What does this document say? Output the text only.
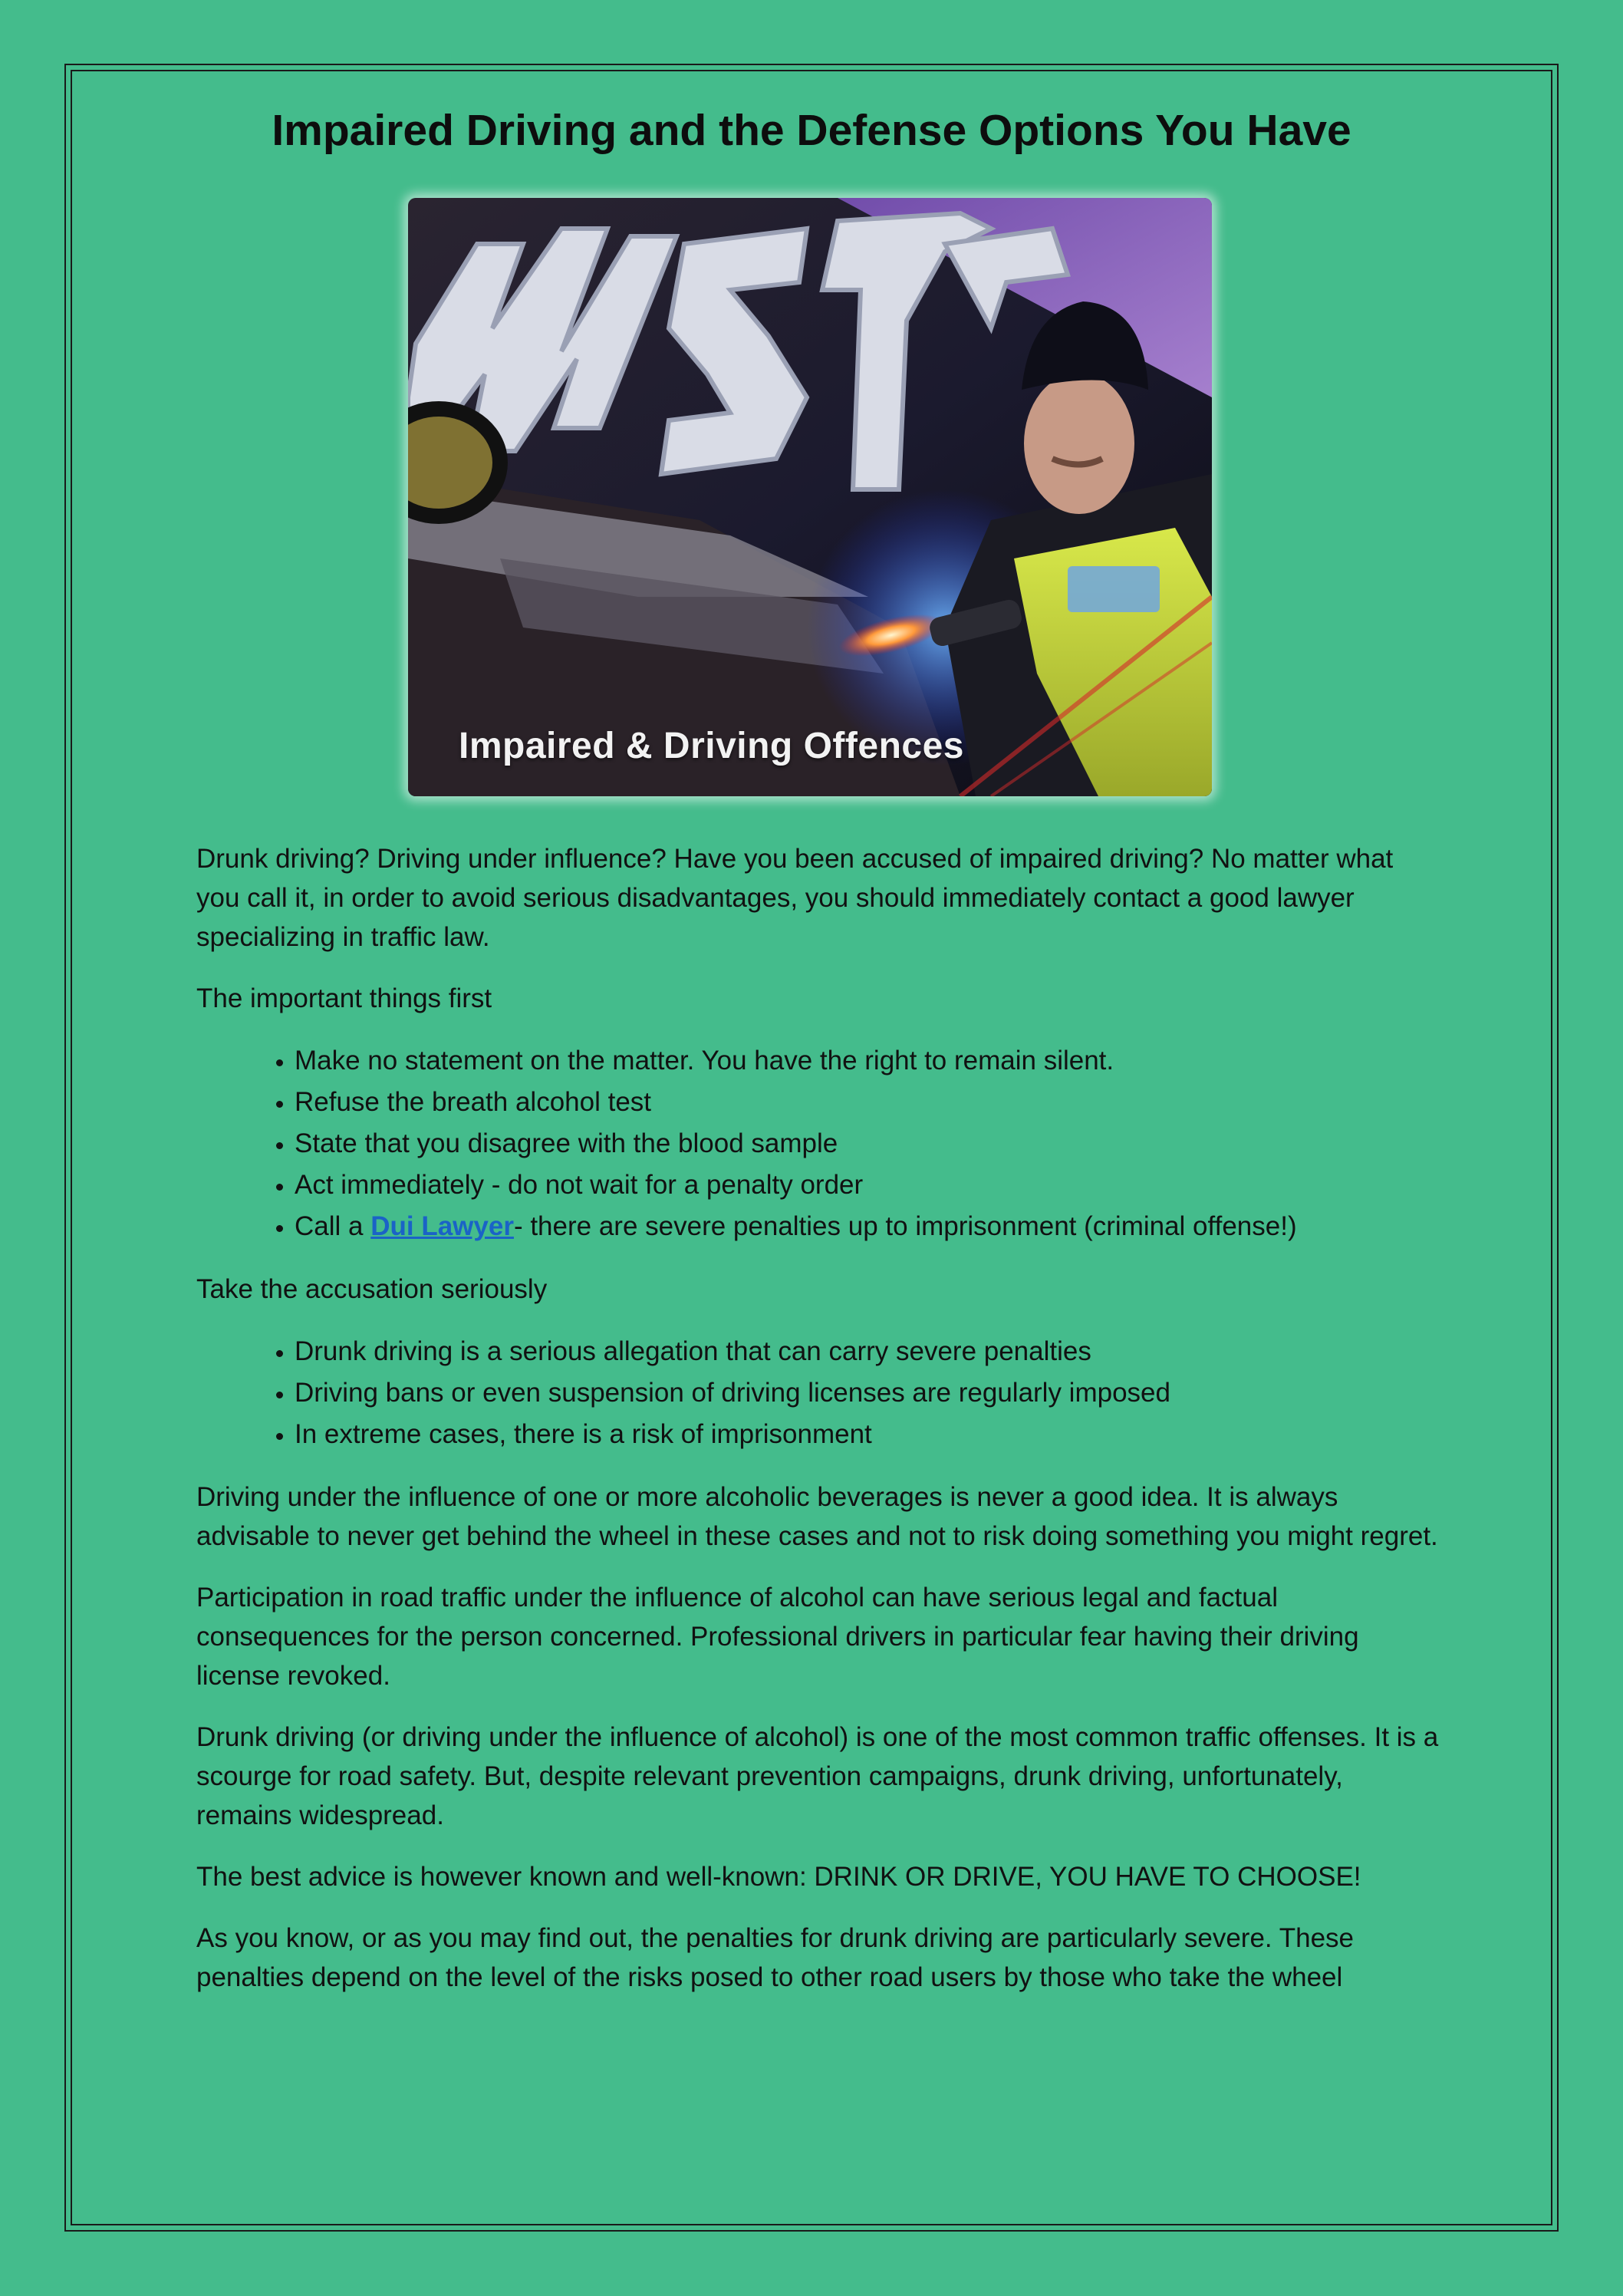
Impaired Driving and the Defense Options You Have
Impaired & Driving Offences

Drunk driving? Driving under influence? Have you been accused of impaired driving? No matter what you call it, in order to avoid serious disadvantages, you should immediately contact a good lawyer specializing in traffic law.

The important things first

• Make no statement on the matter. You have the right to remain silent.
• Refuse the breath alcohol test
• State that you disagree with the blood sample
• Act immediately - do not wait for a penalty order
• Call a Dui Lawyer- there are severe penalties up to imprisonment (criminal offense!)

Take the accusation seriously

• Drunk driving is a serious allegation that can carry severe penalties
• Driving bans or even suspension of driving licenses are regularly imposed
• In extreme cases, there is a risk of imprisonment

Driving under the influence of one or more alcoholic beverages is never a good idea. It is always advisable to never get behind the wheel in these cases and not to risk doing something you might regret.

Participation in road traffic under the influence of alcohol can have serious legal and factual consequences for the person concerned. Professional drivers in particular fear having their driving license revoked.

Drunk driving (or driving under the influence of alcohol) is one of the most common traffic offenses. It is a scourge for road safety. But, despite relevant prevention campaigns, drunk driving, unfortunately, remains widespread.

The best advice is however known and well-known: DRINK OR DRIVE, YOU HAVE TO CHOOSE!

As you know, or as you may find out, the penalties for drunk driving are particularly severe. These penalties depend on the level of the risks posed to other road users by those who take the wheel
